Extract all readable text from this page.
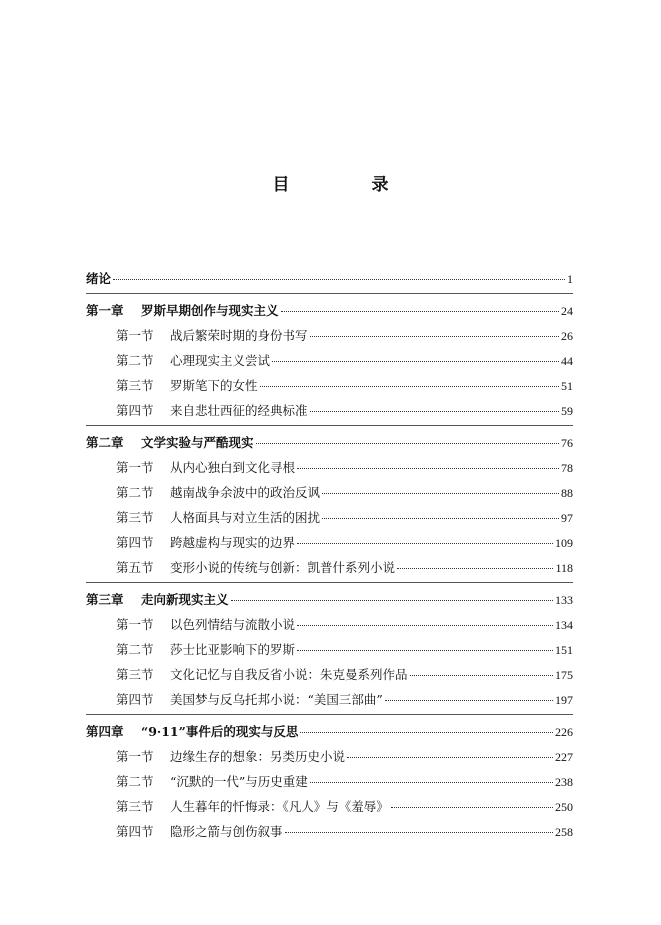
目 录
绪论	1
第一章 罗斯早期创作与现实主义	24
第一节 战后繁荣时期的身份书写	26
第二节 心理现实主义尝试	44
第三节 罗斯笔下的女性	51
第四节 来自悲壮西征的经典标准	59
第二章 文学实验与严酷现实	76
第一节 从内心独白到文化寻根	78
第二节 越南战争余波中的政治反讽	88
第三节 人格面具与对立生活的困扰	97
第四节 跨越虚构与现实的边界	109
第五节 变形小说的传统与创新：凯普什系列小说	118
第三章 走向新现实主义	133
第一节 以色列情结与流散小说	134
第二节 莎士比亚影响下的罗斯	151
第三节 文化记忆与自我反省小说：朱克曼系列作品	175
第四节 美国梦与反乌托邦小说：“美国三部曲”	197
第四章 “9·11”事件后的现实与反思	226
第一节 边缘生存的想象：另类历史小说	227
第二节 “沉默的一代”与历史重建	238
第三节 人生暮年的忏悔录：《凡人》与《羞辱》	250
第四节 隐形之箭与创伤叙事	258
